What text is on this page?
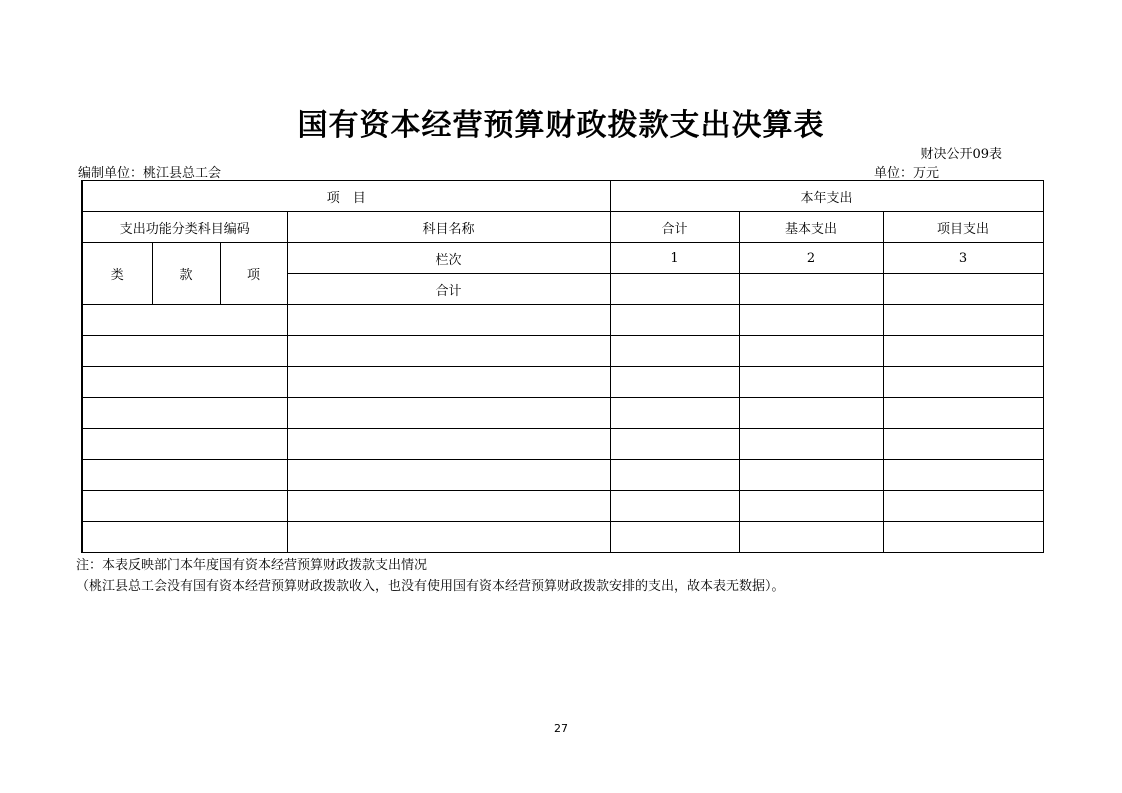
国有资本经营预算财政拨款支出决算表
财决公开09表
编制单位：桃江县总工会	单位：万元
项　目				本年支出		
支出功能分类科目编码			科目名称	合计	基本支出	项目支出
类	款	项	栏次	1	2	3
			合计			

注：本表反映部门本年度国有资本经营预算财政拨款支出情况
（桃江县总工会没有国有资本经营预算财政拨款收入，也没有使用国有资本经营预算财政拨款安排的支出，故本表无数据）。
27
